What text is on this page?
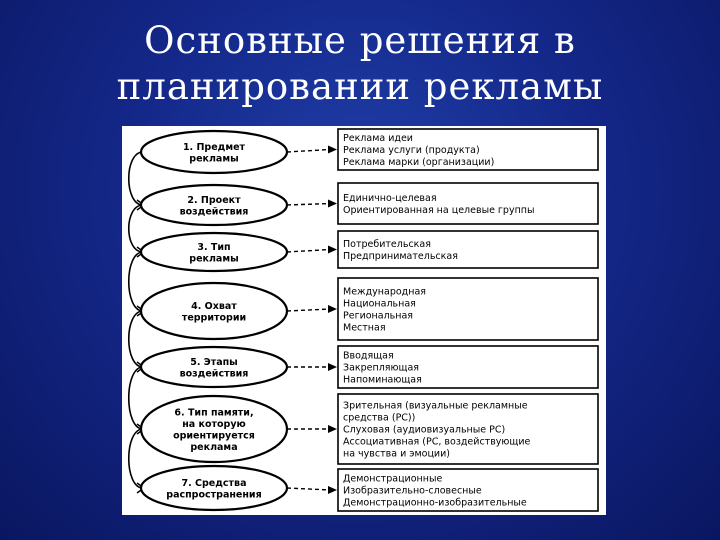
Основные решения в
планировании рекламы
1. Предмет
рекламы
Реклама идеи
Реклама услуги (продукта)
Реклама марки (организации)
2. Проект
воздействия
Единично-целевая
Ориентированная на целевые группы
3. Тип
рекламы
Потребительская
Предпринимательская
4. Охват
территории
Международная
Национальная
Региональная
Местная
5. Этапы
воздействия
Вводящая
Закрепляющая
Напоминающая
6. Тип памяти,
на которую
ориентируется
реклама
Зрительная (визуальные рекламные
средства (РС))
Слуховая (аудиовизуальные РС)
Ассоциативная (РС, воздействующие
на чувства и эмоции)
7. Средства
распространения
Демонстрационные
Изобразительно-словесные
Демонстрационно-изобразительные
